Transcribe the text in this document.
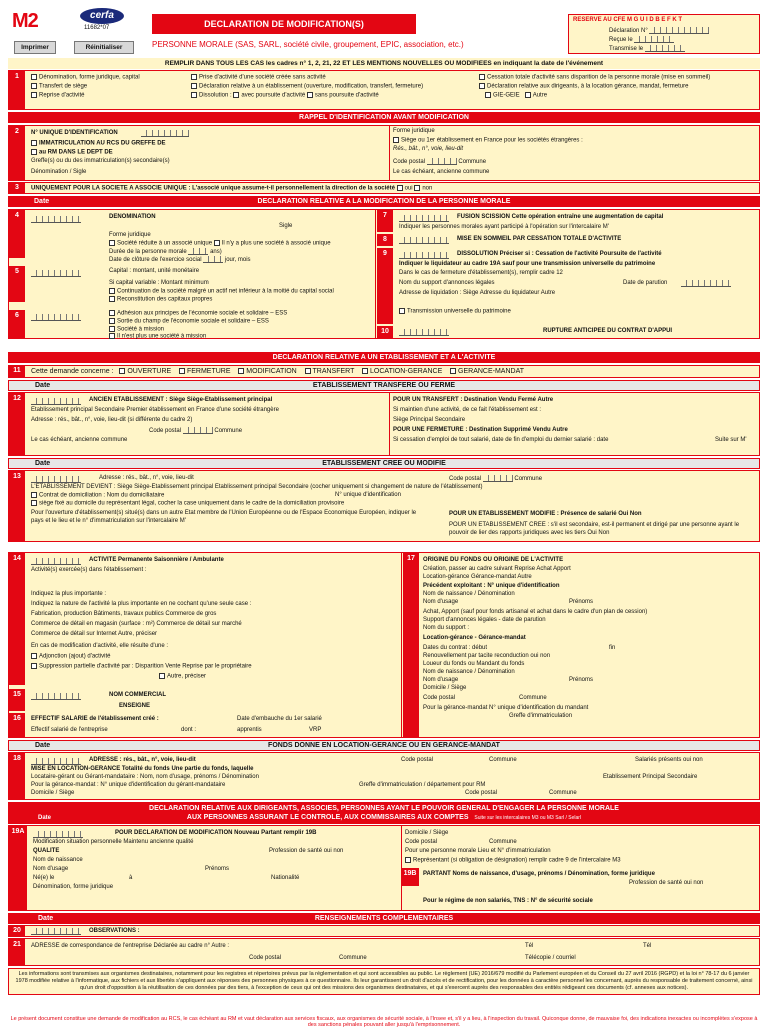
M2	cerfa
11682*07
Imprimer	Réinitialiser
DECLARATION DE MODIFICATION(S)
PERSONNE MORALE (SAS, SARL, société civile, groupement, EPIC, association, etc.)
RESERVE AU CFE M G U I D B E F K T
Déclaration N°
Reçue le
Transmise le
REMPLIR DANS TOUS LES CAS les cadres n° 1, 2, 21, 22 ET LES MENTIONS NOUVELLES OU MODIFIEES en indiquant la date de l'événement
1	Dénomination, forme juridique, capital
Transfert de siège
Reprise d'activité
Prise d'activité d'une société créée sans activité
Déclaration relative à un établissement (ouverture, modification, transfert, fermeture)
Dissolution : avec poursuite d'activité sans poursuite d'activité
Cessation totale d'activité sans disparition de la personne morale (mise en sommeil)
Déclaration relative aux dirigeants, à la location gérance, mandat, fermeture
GIE-GEIE Autre
RAPPEL D'IDENTIFICATION AVANT MODIFICATION
2	N° UNIQUE D'IDENTIFICATION
IMMATRICULATION AU RCS DU GREFFE DE
au RM DANS LE DEPT DE
Greffe(s) ou du des immatriculation(s) secondaire(s)
Dénomination / Sigle
Forme juridique
Siège ou 1er établissement en France pour les sociétés étrangères :
Rés., bât., n°, voie, lieu-dit
Code postal	Commune
Le cas échéant, ancienne commune
3	UNIQUEMENT POUR LA SOCIETE A ASSOCIE UNIQUE : L'associé unique assume-t-il personnellement la direction de la société oui non
Date	DECLARATION RELATIVE A LA MODIFICATION DE LA PERSONNE MORALE
4
5
6
DENOMINATION
Sigle
Forme juridique
Société réduite à un associé unique Il n'y a plus une société à associé unique
Durée de la personne morale	ans)
Date de clôture de l'exercice social	jour, mois
Capital : montant, unité monétaire
Si capital variable : Montant minimum
Continuation de la société malgré un actif net inférieur à la moitié du capital social
Reconstitution des capitaux propres
Adhésion aux principes de l'économie sociale et solidaire – ESS
Sortie du champ de l'économie sociale et solidaire – ESS
Société à mission
Il n'est plus une société à mission
7	FUSION SCISSION Cette opération entraîne une augmentation de capital
Indiquer les personnes morales ayant participé à l'opération sur l'intercalaire M'
8	MISE EN SOMMEIL PAR CESSATION TOTALE D'ACTIVITE
9	DISSOLUTION Préciser si : Cessation de l'activité Poursuite de l'activité
Indiquer le liquidateur au cadre 19A sauf pour une transmission universelle du patrimoine
Dans le cas de fermeture d'établissement(s), remplir cadre 12
Nom du support d'annonces légales	Date de parution
Adresse de liquidation : Siège Adresse du liquidateur Autre
Transmission universelle du patrimoine
10	RUPTURE ANTICIPEE DU CONTRAT D'APPUI
DECLARATION RELATIVE A UN ETABLISSEMENT ET A L'ACTIVITE
11	Cette demande concerne : OUVERTURE FERMETURE MODIFICATION TRANSFERT LOCATION-GERANCE GERANCE-MANDAT
Date	ETABLISSEMENT TRANSFERE OU FERME
12	ANCIEN ETABLISSEMENT : Siège Siège-Etablissement principal
Etablissement principal Secondaire Premier établissement en France d'une société étrangère
Adresse : rés., bât., n°, voie, lieu-dit (si différente du cadre 2)
Code postal	Commune
Le cas échéant, ancienne commune
POUR UN TRANSFERT : Destination Vendu Fermé Autre
Si maintien d'une activité, de ce fait l'établissement est :
Siège Principal Secondaire
POUR UNE FERMETURE : Destination Supprimé Vendu Autre
Si cessation d'emploi de tout salarié, date de fin d'emploi du dernier salarié : date	Suite sur M'
Date	ETABLISSEMENT CREE OU MODIFIE
13	Adresse : rés., bât., n°, voie, lieu-dit	Code postal	Commune
L'ETABLISSEMENT DEVIENT : Siège Siège-Etablissement principal Etablissement principal Secondaire (cocher uniquement si changement de nature de l'établissement)
Contrat de domiciliation : Nom du domiciliataire	N° unique d'identification
siège fixé au domicile du représentant légal, cocher la case uniquement dans le cadre de la domiciliation provisoire
Pour l'ouverture d'établissement(s) situé(s) dans un autre Etat membre de l'Union Européenne ou de l'Espace Economique Européen, indiquer le pays et le lieu et le n° d'immatriculation sur l'intercalaire M'
POUR UN ETABLISSEMENT MODIFIE : Présence de salarié Oui Non
POUR UN ETABLISSEMENT CREE : s'il est secondaire, est-il permanent et dirigé par une personne ayant le pouvoir de lier des rapports juridiques avec les tiers Oui Non
14	ACTIVITE Permanente Saisonnière / Ambulante
Activité(s) exercée(s) dans l'établissement :
Indiquez la plus importante :
Indiquez la nature de l'activité la plus importante en ne cochant qu'une seule case :
Fabrication, production Bâtiments, travaux publics Commerce de gros
Commerce de détail en magasin (surface : m²) Commerce de détail sur marché
Commerce de détail sur Internet Autre, préciser
En cas de modification d'activité, elle résulte d'une :
Adjonction (ajout) d'activité
Suppression partielle d'activité par : Disparition Vente Reprise par le propriétaire
Autre, préciser
15	NOM COMMERCIAL
ENSEIGNE
16	EFFECTIF SALARIE de l'établissement créé :	Date d'embauche du 1er salarié
Effectif salarié de l'entreprise	dont :	apprentis	VRP
17	ORIGINE DU FONDS OU ORIGINE DE L'ACTIVITE
Création, passer au cadre suivant Reprise Achat Apport
Location-gérance Gérance-mandat Autre
Précédent exploitant : N° unique d'identification
Nom de naissance / Dénomination
Nom d'usage	Prénoms
Achat, Apport (sauf pour fonds artisanal et achat dans le cadre d'un plan de cession)
Support d'annonces légales - date de parution
Nom du support :
Location-gérance - Gérance-mandat
Dates du contrat : début	fin
Renouvellement par tacite reconduction oui non
Loueur du fonds ou Mandant du fonds
Nom de naissance / Dénomination
Nom d'usage	Prénoms
Domicile / Siège
Code postal	Commune
Pour la gérance-mandat N° unique d'identification du mandant
Greffe d'immatriculation
Date	FONDS DONNE EN LOCATION-GERANCE OU EN GERANCE-MANDAT
18	ADRESSE : rés., bât., n°, voie, lieu-dit	Code postal	Commune	Salariés présents oui non
MISE EN LOCATION-GERANCE Totalité du fonds Une partie du fonds, laquelle
Locataire-gérant ou Gérant-mandataire : Nom, nom d'usage, prénoms / Dénomination	Etablissement Principal Secondaire
Pour la gérance-mandat : N° unique d'identification du gérant-mandataire	Greffe d'immatriculation / département pour RM
Domicile / Siège	Code postal	Commune
DECLARATION RELATIVE AUX DIRIGEANTS, ASSOCIES, PERSONNES AYANT LE POUVOIR GENERAL D'ENGAGER LA PERSONNE MORALE
AUX PERSONNES ASSURANT LE CONTROLE, AUX COMMISSAIRES AUX COMPTES Suite sur les intercalaires M3 ou M3 Sarl / Selarl
Date
19A	POUR DECLARATION DE MODIFICATION Nouveau Partant remplir 19B
Modification situation personnelle Maintenu ancienne qualité
QUALITE	Profession de santé oui non
Nom de naissance
Nom d'usage	Prénoms
Né(e) le	à	Nationalité
Dénomination, forme juridique
Domicile / Siège
Code postal	Commune
Pour une personne morale Lieu et N° d'immatriculation
Représentant (si obligation de désignation) remplir cadre 9 de l'intercalaire M3
19B	PARTANT Noms de naissance, d'usage, prénoms / Dénomination, forme juridique
Profession de santé oui non
Pour le régime de non salariés, TNS : N° de sécurité sociale
Date	RENSEIGNEMENTS COMPLEMENTAIRES
20	OBSERVATIONS :
21	ADRESSE de correspondance de l'entreprise Déclarée au cadre n° Autre :	Tél	Tél
Code postal	Commune	Télécopie / courriel
Les informations sont transmises aux organismes destinataires, notamment pour les registres et répertoires prévus par la réglementation et qui sont accessibles au public. Le règlement (UE) 2016/679 modifié du Parlement européen et du Conseil du 27 avril 2016 (RGPD) et la loi n° 78-17 du 6 janvier 1978 modifiée relative à l'informatique, aux fichiers et aux libertés s'appliquent aux réponses des personnes physiques à ce questionnaire. Ils leur garantissent un droit d'accès et de rectification, pour les données à caractère personnel les concernant, auprès du responsable de traitement concerné, ainsi qu'un droit d'opposition à la réutilisation de ces données par des tiers, à l'exception de ceux qui ont des missions des organismes destinataires, et qui s'exercent auprès des responsables des entités rédigeant ces documents (cf. annexes aux notices).
Le présent document constitue une demande de modification au RCS, le cas échéant au RM et vaut déclaration aux services fiscaux, aux organismes de sécurité sociale, à l'Insee et, s'il y a lieu, à l'inspection du travail. Quiconque donne, de mauvaise foi, des indications inexactes ou incomplètes s'expose à des sanctions pénales pouvant aller jusqu'à l'emprisonnement.
